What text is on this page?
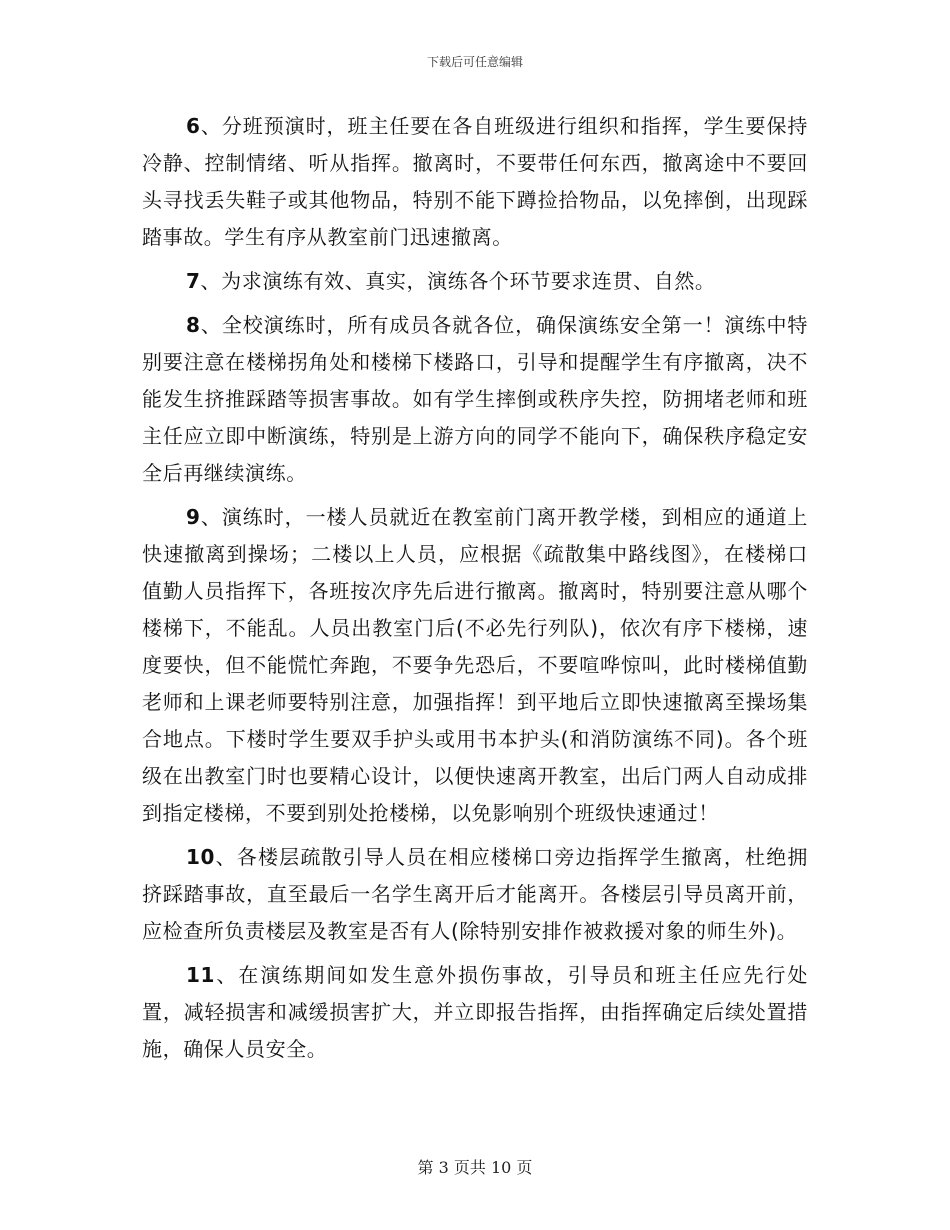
下载后可任意编辑

6、分班预演时，班主任要在各自班级进行组织和指挥，学生要保持冷静、控制情绪、听从指挥。撤离时，不要带任何东西，撤离途中不要回头寻找丢失鞋子或其他物品，特别不能下蹲捡拾物品，以免摔倒，出现踩踏事故。学生有序从教室前门迅速撤离。

7、为求演练有效、真实，演练各个环节要求连贯、自然。

8、全校演练时，所有成员各就各位，确保演练安全第一！演练中特别要注意在楼梯拐角处和楼梯下楼路口，引导和提醒学生有序撤离，决不能发生挤推踩踏等损害事故。如有学生摔倒或秩序失控，防拥堵老师和班主任应立即中断演练，特别是上游方向的同学不能向下，确保秩序稳定安全后再继续演练。

9、演练时，一楼人员就近在教室前门离开教学楼，到相应的通道上快速撤离到操场；二楼以上人员，应根据《疏散集中路线图》，在楼梯口值勤人员指挥下，各班按次序先后进行撤离。撤离时，特别要注意从哪个楼梯下，不能乱。人员出教室门后(不必先行列队)，依次有序下楼梯，速度要快，但不能慌忙奔跑，不要争先恐后，不要喧哗惊叫，此时楼梯值勤老师和上课老师要特别注意，加强指挥！到平地后立即快速撤离至操场集合地点。下楼时学生要双手护头或用书本护头(和消防演练不同)。各个班级在出教室门时也要精心设计，以便快速离开教室，出后门两人自动成排到指定楼梯，不要到别处抢楼梯，以免影响别个班级快速通过！

10、各楼层疏散引导人员在相应楼梯口旁边指挥学生撤离，杜绝拥挤踩踏事故，直至最后一名学生离开后才能离开。各楼层引导员离开前，应检查所负责楼层及教室是否有人(除特别安排作被救援对象的师生外)。

11、在演练期间如发生意外损伤事故，引导员和班主任应先行处置，减轻损害和减缓损害扩大，并立即报告指挥，由指挥确定后续处置措施，确保人员安全。

第 3 页共 10 页
